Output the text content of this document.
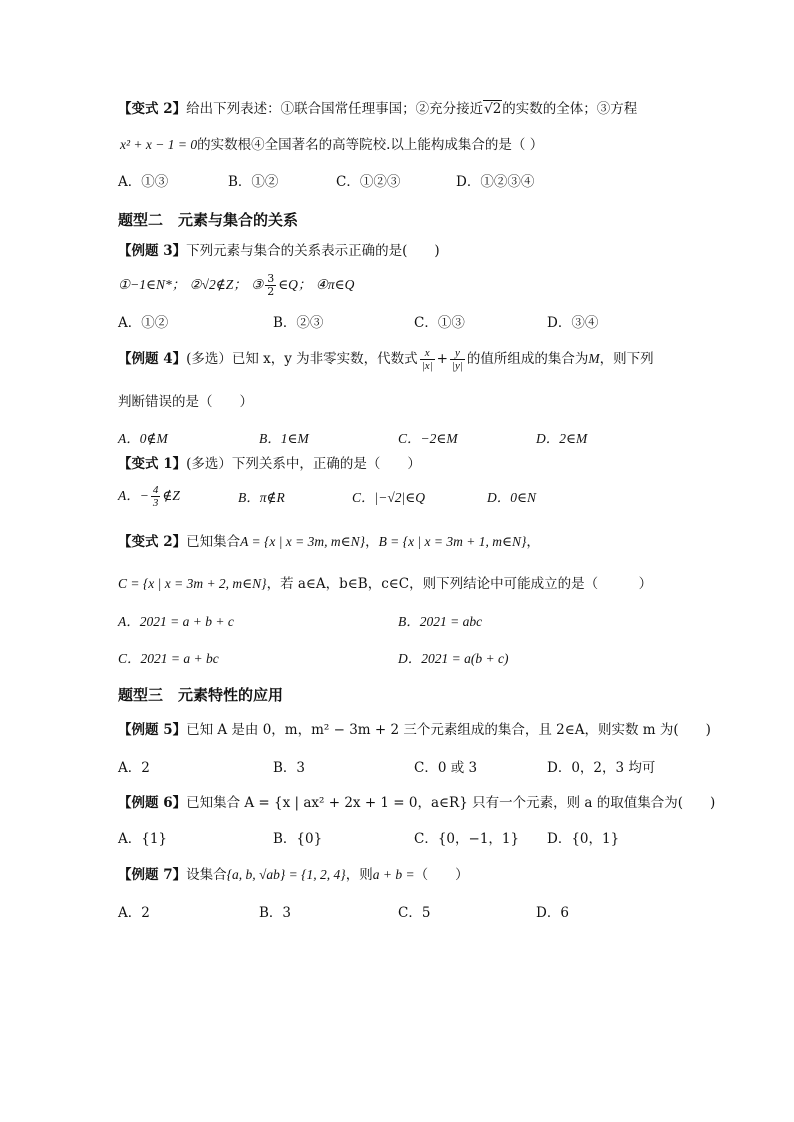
【变式 2】给出下列表述：①联合国常任理事国；②充分接近√2的实数的全体；③方程
x² + x − 1 = 0的实数根④全国著名的高等院校.以上能构成集合的是（ ）
A．①③	B．①②	C．①②③	D．①②③④
题型二　元素与集合的关系
【例题 3】下列元素与集合的关系表示正确的是(　　)
①−1∈N*； ②√2∉Z； ③ $\frac{3}{2}$ ∈Q； ④π∈Q
A．①②	B．②③	C．①③	D．③④
【例题 4】(多选）已知 x，y 为非零实数，代数式 $\frac{x}{|x|} + \frac{y}{|y|}$ 的值所组成的集合为M，则下列
判断错误的是（　　）
A．0∉M	B．1∈M	C．−2∈M	D．2∈M
【变式 1】(多选）下列关系中，正确的是（　　）
A．− $\frac{4}{3}$ ∉Z	B．π∉R	C．|−√2|∈Q	D．0∈N
【变式 2】已知集合A = {x | x = 3m, m∈N}，B = {x | x = 3m + 1, m∈N}，
C = {x | x = 3m + 2, m∈N}，若 a∈A，b∈B，c∈C，则下列结论中可能成立的是（　　　）
A．2021 = a + b + c	B．2021 = abc
C．2021 = a + bc	D．2021 = a(b + c)
题型三　元素特性的应用
【例题 5】已知 A 是由 0，m，m² − 3m + 2 三个元素组成的集合，且 2∈A，则实数 m 为(　　)
A．2	B．3	C．0 或 3	D．0，2，3 均可
【例题 6】已知集合 A = {x | ax² + 2x + 1 = 0，a∈R} 只有一个元素，则 a 的取值集合为(　　)
A．{1}	B．{0}	C．{0，−1，1} D．{0，1}
【例题 7】设集合{a, b, √ab} = {1, 2, 4}，则a + b =（　　）
A．2	B．3	C．5	D．6
